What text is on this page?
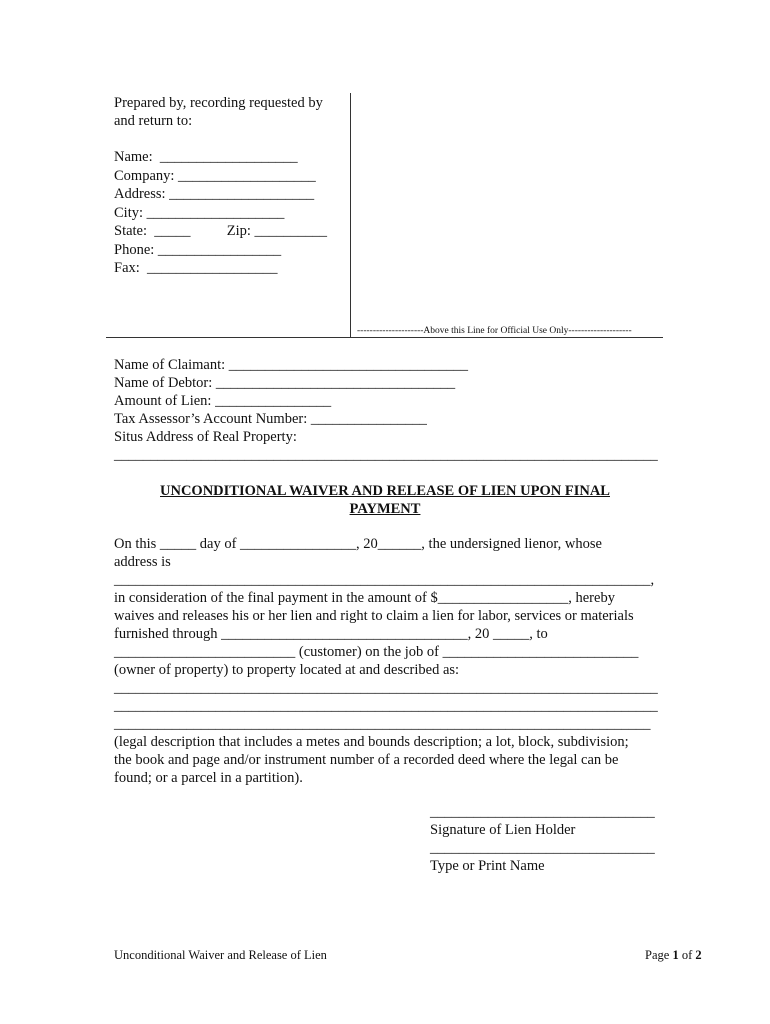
Prepared by, recording requested by
and return to:
Name:  ___________________
Company: ___________________
Address: ____________________
City: ___________________
State:  _____          Zip: __________
Phone: _________________
Fax:  __________________
---------------------Above this Line for Official Use Only--------------------
Name of Claimant: _________________________________
Name of Debtor: _________________________________
Amount of Lien: ________________
Tax Assessor’s Account Number: ________________
Situs Address of Real Property:
___________________________________________________________________________
UNCONDITIONAL WAIVER AND RELEASE OF LIEN UPON FINAL
PAYMENT
On this _____ day of ________________, 20______, the undersigned lienor, whose
address is
__________________________________________________________________________,
in consideration of the final payment in the amount of $__________________, hereby
waives and releases his or her lien and right to claim a lien for labor, services or materials
furnished through __________________________________, 20 _____, to
_________________________ (customer) on the job of ___________________________
(owner of property) to property located at and described as:
___________________________________________________________________________
___________________________________________________________________________
__________________________________________________________________________
(legal description that includes a metes and bounds description; a lot, block, subdivision;
the book and page and/or instrument number of a recorded deed where the legal can be
found; or a parcel in a partition).
_______________________________
Signature of Lien Holder
_______________________________
Type or Print Name
Unconditional Waiver and Release of Lien	Page 1 of 2
